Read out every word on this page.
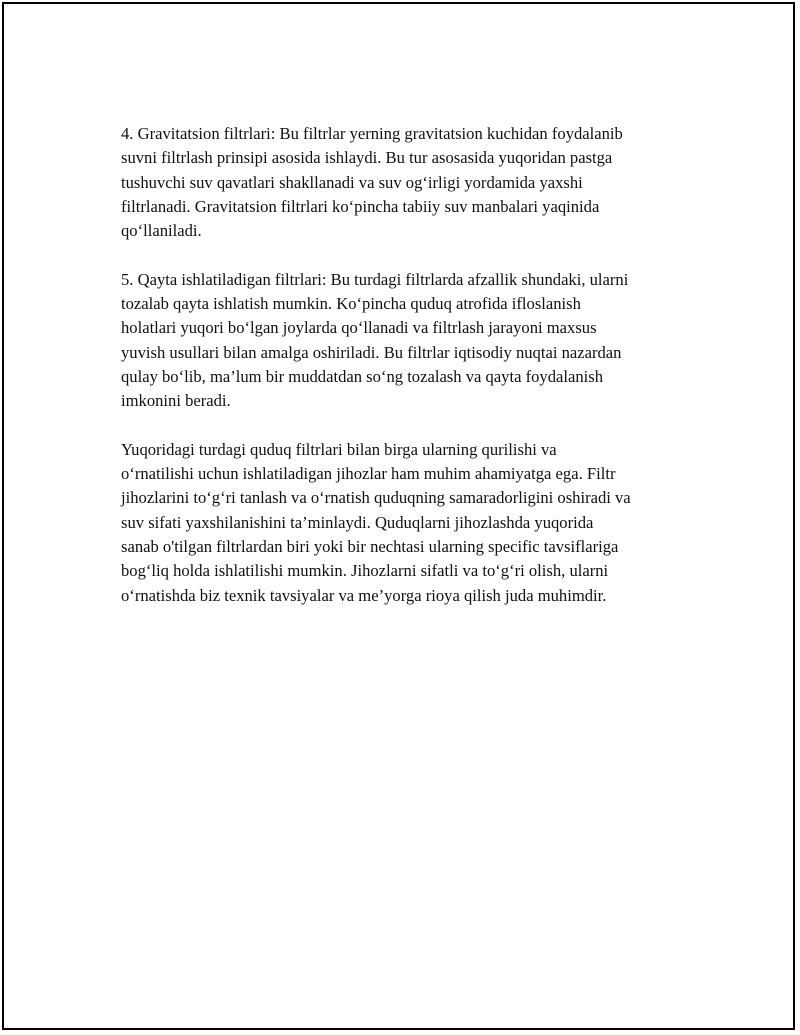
4. Gravitatsion filtrlari: Bu filtrlar yerning gravitatsion kuchidan foydalanib
suvni filtrlash prinsipi asosida ishlaydi. Bu tur asosasida yuqoridan pastga
tushuvchi suv qavatlari shakllanadi va suv og‘irligi yordamida yaxshi
filtrlanadi. Gravitatsion filtrlari ko‘pincha tabiiy suv manbalari yaqinida
qo‘llaniladi.

5. Qayta ishlatiladigan filtrlari: Bu turdagi filtrlarda afzallik shundaki, ularni
tozalab qayta ishlatish mumkin. Ko‘pincha quduq atrofida ifloslanish
holatlari yuqori bo‘lgan joylarda qo‘llanadi va filtrlash jarayoni maxsus
yuvish usullari bilan amalga oshiriladi. Bu filtrlar iqtisodiy nuqtai nazardan
qulay bo‘lib, ma’lum bir muddatdan so‘ng tozalash va qayta foydalanish
imkonini beradi.

Yuqoridagi turdagi quduq filtrlari bilan birga ularning qurilishi va
o‘rnatilishi uchun ishlatiladigan jihozlar ham muhim ahamiyatga ega. Filtr
jihozlarini to‘g‘ri tanlash va o‘rnatish quduqning samaradorligini oshiradi va
suv sifati yaxshilanishini ta’minlaydi. Quduqlarni jihozlashda yuqorida
sanab o'tilgan filtrlardan biri yoki bir nechtasi ularning specific tavsiflariga
bog‘liq holda ishlatilishi mumkin. Jihozlarni sifatli va to‘g‘ri olish, ularni
o‘rnatishda biz texnik tavsiyalar va me’yorga rioya qilish juda muhimdir.
